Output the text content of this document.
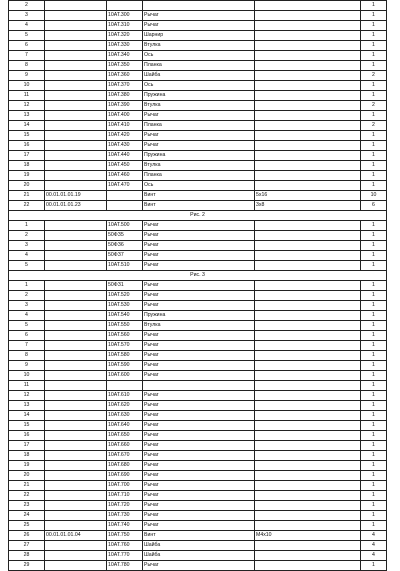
2					1
3		10АТ.300	Рычаг		1
4		10АТ.310	Рычаг		1
5		10АТ.320	Шарнир		1
6		10АТ.330	Втулка		1
7		10АТ.340	Ось		1
8		10АТ.350	Планка		1
9		10АТ.360	Шайба		2
10		10АТ.370	Ось		1
11		10АТ.380	Пружина		1
12		10АТ.390	Втулка		2
13		10АТ.400	Рычаг		1
14		10АТ.410	Планка		2
15		10АТ.420	Рычаг		1
16		10АТ.430	Рычаг		1
17		10АТ.440	Пружина		1
18		10АТ.450	Втулка		1
19		10АТ.460	Планка		1
20		10АТ.470	Ось		1
21	00.01.01.01.19		Винт	5х16	10
22	00.01.01.01.23		Винт	3х8	6
Рис. 2					
1		10АТ.500	Рычаг		1
2		50ФЗ5	Рычаг		1
3		50ФЗ6	Рычаг		1
4		50ФЗ7	Рычаг		1
5		10АТ.510	Рычаг		1
Рис. 3					
1		50ФЗ1	Рычаг		1
2		10АТ.520	Рычаг		1
3		10АТ.530	Рычаг		1
4		10АТ.540	Пружина		1
5		10АТ.550	Втулка		1
6		10АТ.560	Рычаг		1
7		10АТ.570	Рычаг		1
8		10АТ.580	Рычаг		1
9		10АТ.590	Рычаг		1
10		10АТ.600	Рычаг		1
11					1
12		10АТ.610	Рычаг		1
13		10АТ.620	Рычаг		1
14		10АТ.630	Рычаг		1
15		10АТ.640	Рычаг		1
16		10АТ.650	Рычаг		1
17		10АТ.660	Рычаг		1
18		10АТ.670	Рычаг		1
19		10АТ.680	Рычаг		1
20		10АТ.690	Рычаг		1
21		10АТ.700	Рычаг		1
22		10АТ.710	Рычаг		1
23		10АТ.720	Рычаг		1
24		10АТ.730	Рычаг		1
25		10АТ.740	Рычаг		1
26	00.01.01.01.04	10АТ.750	Винт	М4х10	4
27		10АТ.760	Шайба		4
28		10АТ.770	Шайба		4
29		10АТ.780	Рычаг		1
